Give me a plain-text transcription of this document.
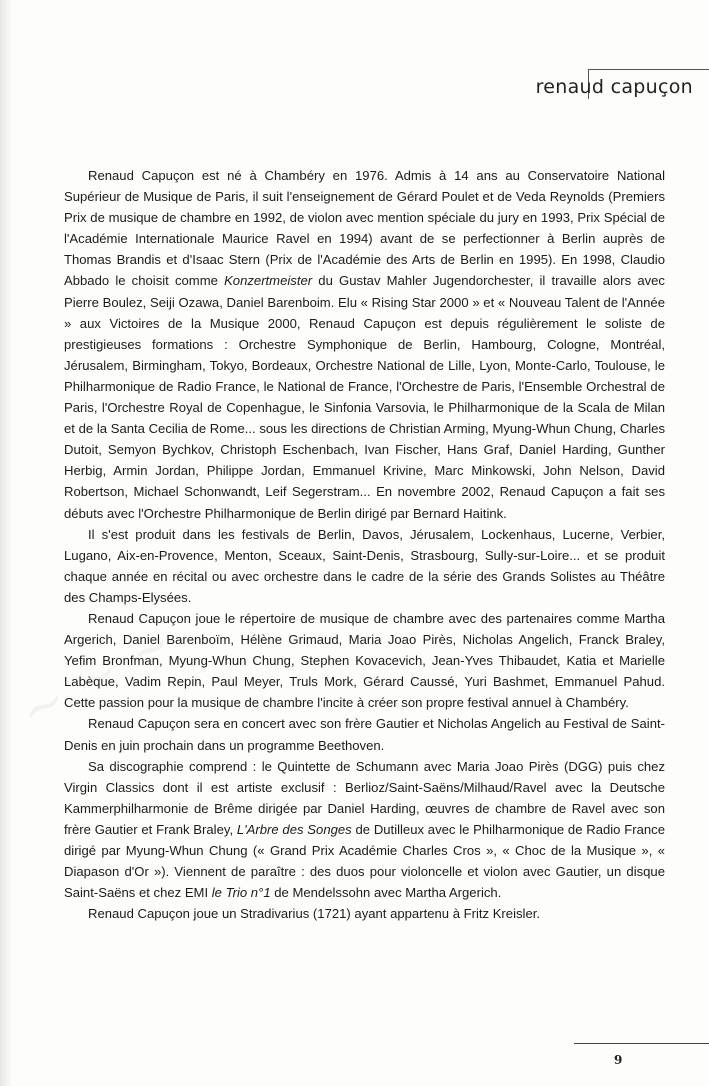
renaud capuçon

Renaud Capuçon est né à Chambéry en 1976. Admis à 14 ans au Conservatoire National Supérieur de Musique de Paris, il suit l'enseignement de Gérard Poulet et de Veda Reynolds (Premiers Prix de musique de chambre en 1992, de violon avec mention spéciale du jury en 1993, Prix Spécial de l'Académie Internationale Maurice Ravel en 1994) avant de se perfectionner à Berlin auprès de Thomas Brandis et d'Isaac Stern (Prix de l'Académie des Arts de Berlin en 1995). En 1998, Claudio Abbado le choisit comme Konzertmeister du Gustav Mahler Jugendorchester, il travaille alors avec Pierre Boulez, Seiji Ozawa, Daniel Barenboim. Elu « Rising Star 2000 » et « Nouveau Talent de l'Année » aux Victoires de la Musique 2000, Renaud Capuçon est depuis régulièrement le soliste de prestigieuses formations : Orchestre Symphonique de Berlin, Hambourg, Cologne, Montréal, Jérusalem, Birmingham, Tokyo, Bordeaux, Orchestre National de Lille, Lyon, Monte-Carlo, Toulouse, le Philharmonique de Radio France, le National de France, l'Orchestre de Paris, l'Ensemble Orchestral de Paris, l'Orchestre Royal de Copenhague, le Sinfonia Varsovia, le Philharmonique de la Scala de Milan et de la Santa Cecilia de Rome... sous les directions de Christian Arming, Myung-Whun Chung, Charles Dutoit, Semyon Bychkov, Christoph Eschenbach, Ivan Fischer, Hans Graf, Daniel Harding, Gunther Herbig, Armin Jordan, Philippe Jordan, Emmanuel Krivine, Marc Minkowski, John Nelson, David Robertson, Michael Schonwandt, Leif Segerstram... En novembre 2002, Renaud Capuçon a fait ses débuts avec l'Orchestre Philharmonique de Berlin dirigé par Bernard Haitink.

Il s'est produit dans les festivals de Berlin, Davos, Jérusalem, Lockenhaus, Lucerne, Verbier, Lugano, Aix-en-Provence, Menton, Sceaux, Saint-Denis, Strasbourg, Sully-sur-Loire... et se produit chaque année en récital ou avec orchestre dans le cadre de la série des Grands Solistes au Théâtre des Champs-Elysées.

Renaud Capuçon joue le répertoire de musique de chambre avec des partenaires comme Martha Argerich, Daniel Barenboïm, Hélène Grimaud, Maria Joao Pirès, Nicholas Angelich, Franck Braley, Yefim Bronfman, Myung-Whun Chung, Stephen Kovacevich, Jean-Yves Thibaudet, Katia et Marielle Labèque, Vadim Repin, Paul Meyer, Truls Mork, Gérard Caussé, Yuri Bashmet, Emmanuel Pahud. Cette passion pour la musique de chambre l'incite à créer son propre festival annuel à Chambéry.

Renaud Capuçon sera en concert avec son frère Gautier et Nicholas Angelich au Festival de Saint-Denis en juin prochain dans un programme Beethoven.

Sa discographie comprend : le Quintette de Schumann avec Maria Joao Pirès (DGG) puis chez Virgin Classics dont il est artiste exclusif : Berlioz/Saint-Saëns/Milhaud/Ravel avec la Deutsche Kammerphilharmonie de Brême dirigée par Daniel Harding, œuvres de chambre de Ravel avec son frère Gautier et Frank Braley, L'Arbre des Songes de Dutilleux avec le Philharmonique de Radio France dirigé par Myung-Whun Chung (« Grand Prix Académie Charles Cros », « Choc de la Musique », « Diapason d'Or »). Viennent de paraître : des duos pour violoncelle et violon avec Gautier, un disque Saint-Saëns et chez EMI le Trio n°1 de Mendelssohn avec Martha Argerich.

Renaud Capuçon joue un Stradivarius (1721) ayant appartenu à Fritz Kreisler.

9
